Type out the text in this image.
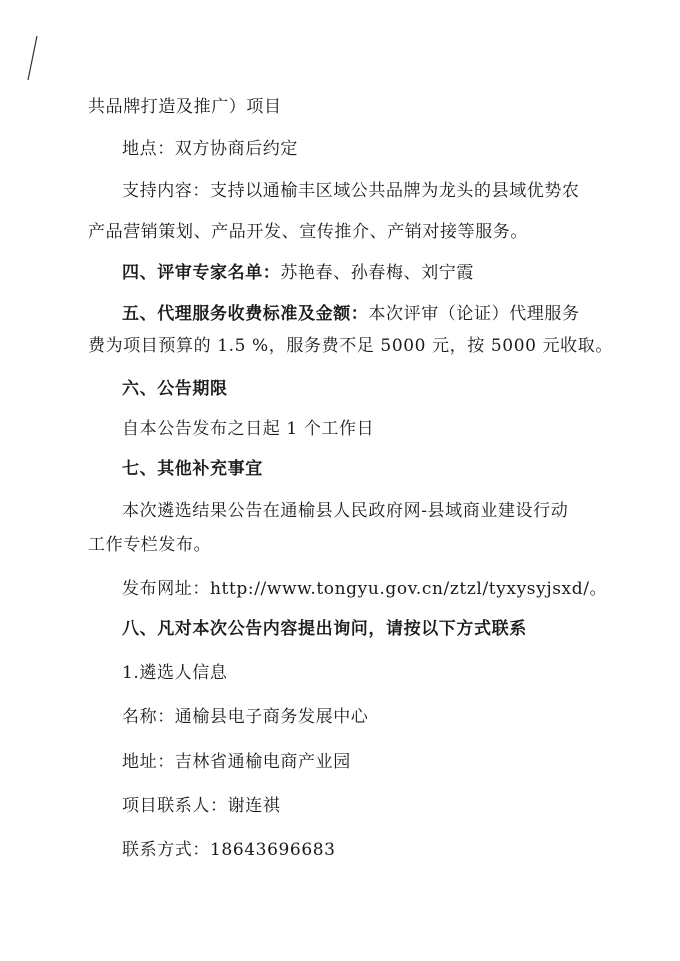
共品牌打造及推广）项目
地点：双方协商后约定
支持内容：支持以通榆丰区域公共品牌为龙头的县域优势农
产品营销策划、产品开发、宣传推介、产销对接等服务。
四、评审专家名单：苏艳春、孙春梅、刘宁霞
五、代理服务收费标准及金额：本次评审（论证）代理服务
费为项目预算的 1.5 %，服务费不足 5000 元，按 5000 元收取。
六、公告期限
自本公告发布之日起 1 个工作日
七、其他补充事宜
本次遴选结果公告在通榆县人民政府网-县域商业建设行动
工作专栏发布。
发布网址：http://www.tongyu.gov.cn/ztzl/tyxysyjsxd/。
八、凡对本次公告内容提出询问，请按以下方式联系
1.遴选人信息
名称：通榆县电子商务发展中心
地址：吉林省通榆电商产业园
项目联系人：谢连祺
联系方式：18643696683
